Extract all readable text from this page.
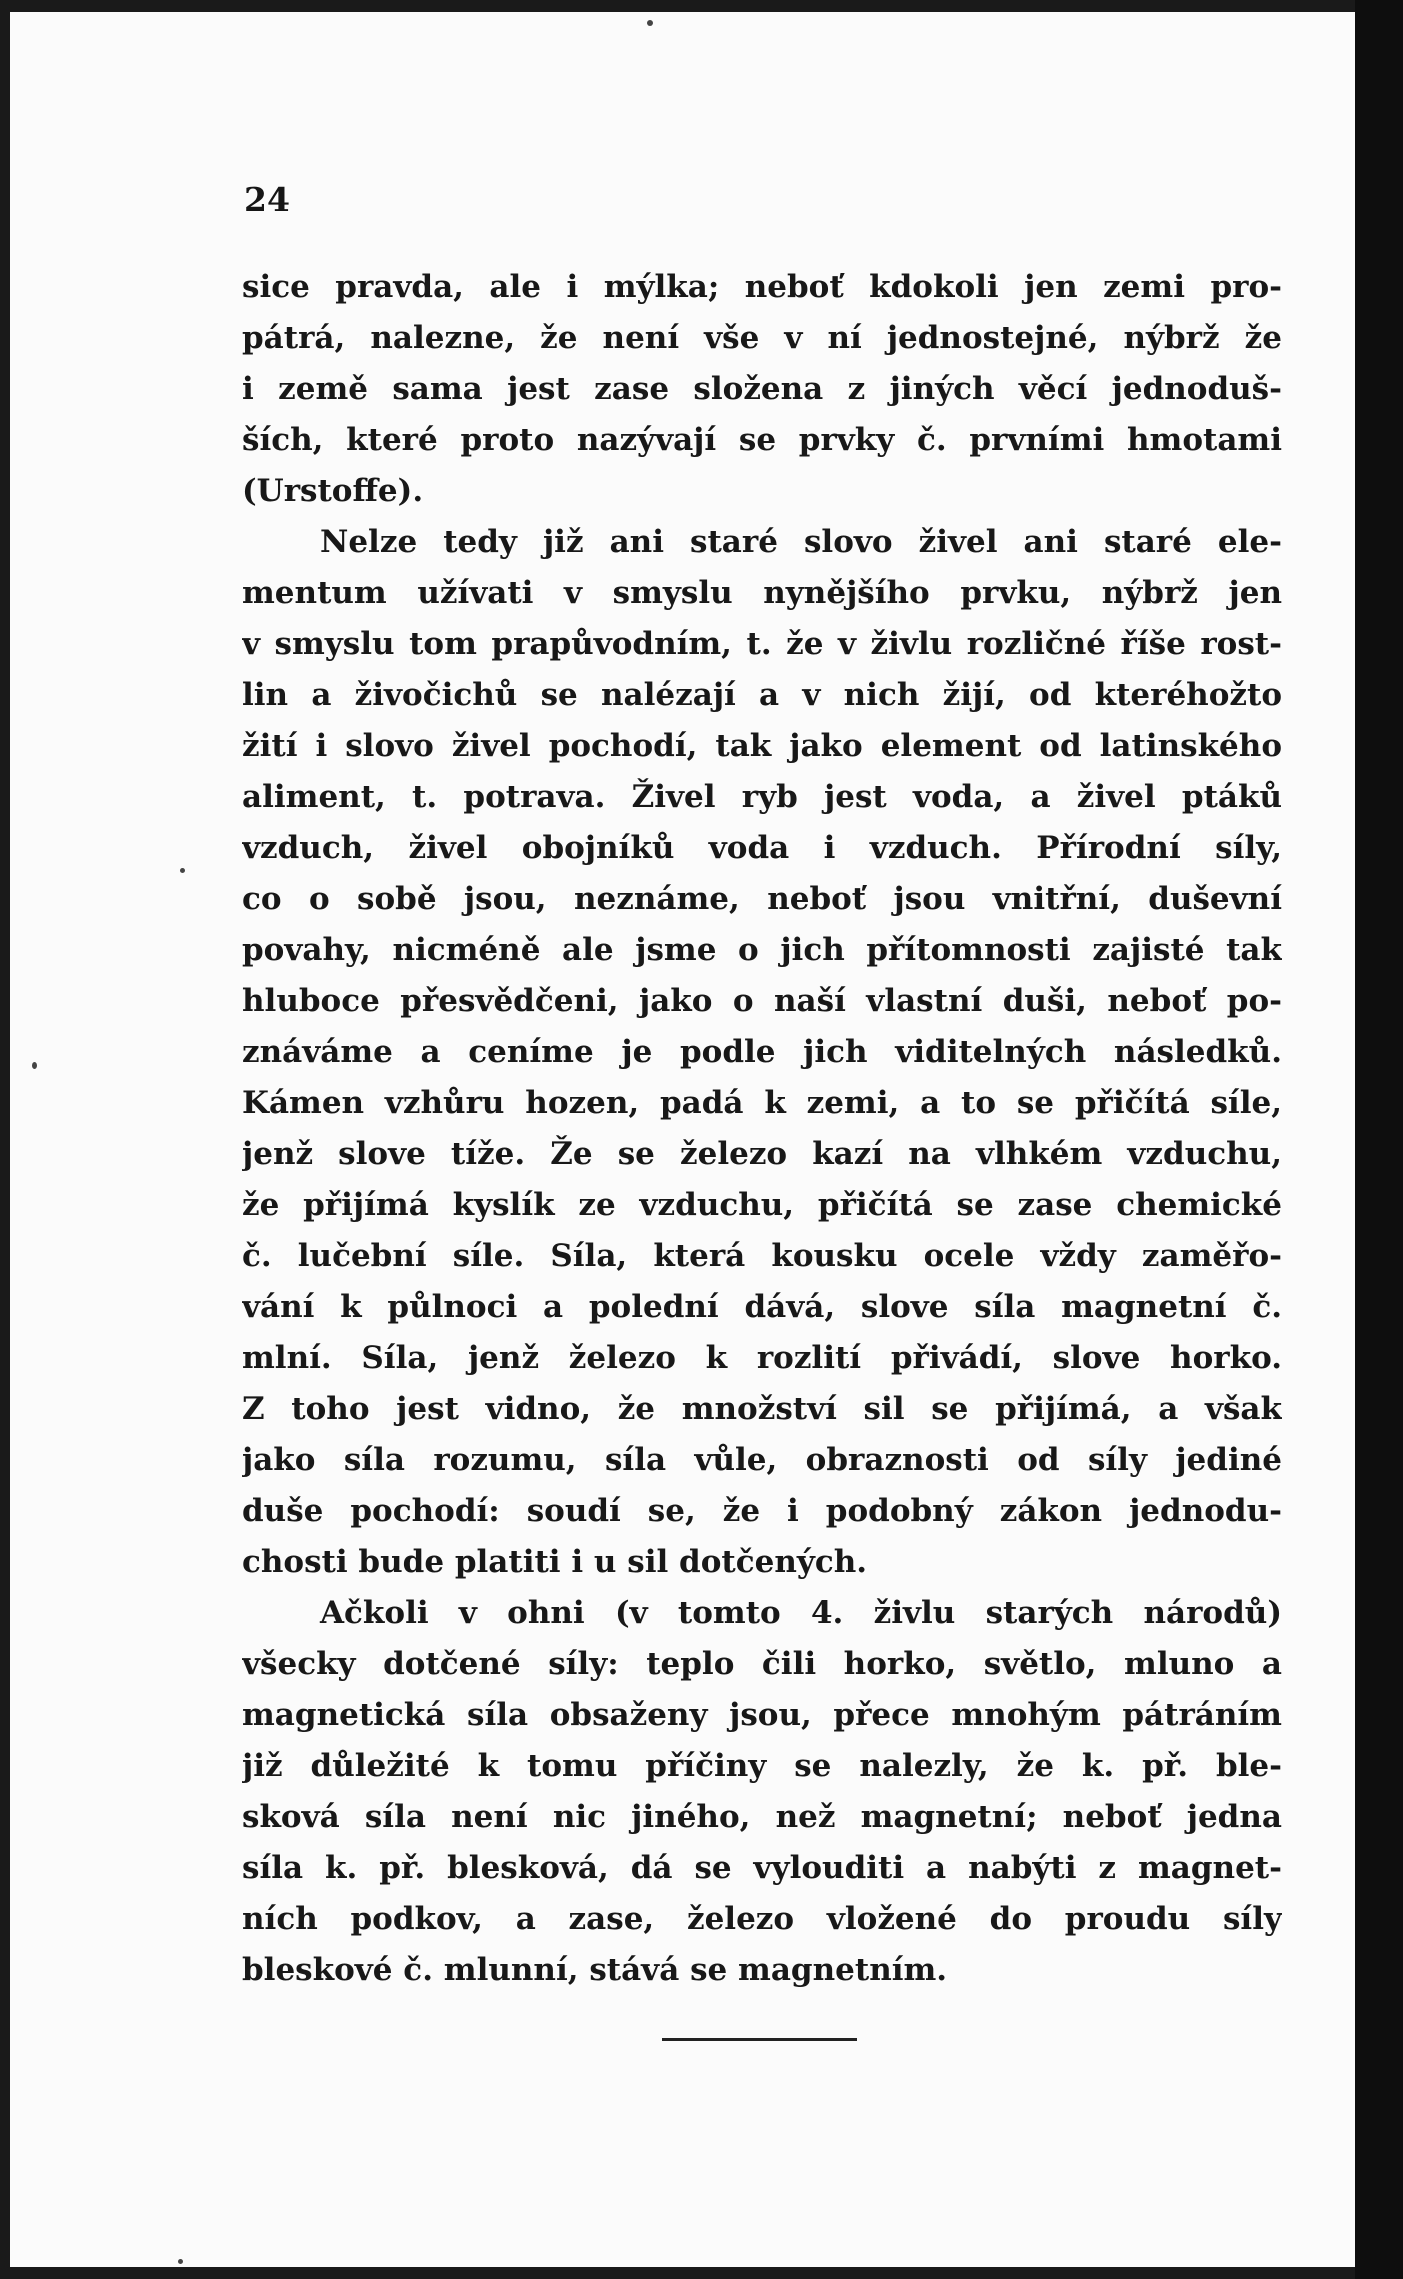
24

sice pravda, ale i mýlka; neboť kdokoli jen zemi pro-
pátrá, nalezne, že není vše v ní jednostejné, nýbrž že
i země sama jest zase složena z jiných věcí jednoduš-
ších, které proto nazývají se prvky č. prvními hmotami
(Urstoffe).
Nelze tedy již ani staré slovo živel ani staré ele-
mentum užívati v smyslu nynějšího prvku, nýbrž jen
v smyslu tom prapůvodním, t. že v živlu rozličné říše rost-
lin a živočichů se nalézají a v nich žijí, od kteréhožto
žití i slovo živel pochodí, tak jako element od latinského
aliment, t. potrava. Živel ryb jest voda, a živel ptáků
vzduch, živel obojníků voda i vzduch. Přírodní síly,
co o sobě jsou, neznáme, neboť jsou vnitřní, duševní
povahy, nicméně ale jsme o jich přítomnosti zajisté tak
hluboce přesvědčeni, jako o naší vlastní duši, neboť po-
znáváme a ceníme je podle jich viditelných následků.
Kámen vzhůru hozen, padá k zemi, a to se přičítá síle,
jenž slove tíže. Že se železo kazí na vlhkém vzduchu,
že přijímá kyslík ze vzduchu, přičítá se zase chemické
č. lučební síle. Síla, která kousku ocele vždy zaměřo-
vání k půlnoci a polední dává, slove síla magnetní č.
mlní. Síla, jenž železo k rozlití přivádí, slove horko.
Z toho jest vidno, že množství sil se přijímá, a však
jako síla rozumu, síla vůle, obraznosti od síly jediné
duše pochodí: soudí se, že i podobný zákon jednodu-
chosti bude platiti i u sil dotčených.
Ačkoli v ohni (v tomto 4. živlu starých národů)
všecky dotčené síly: teplo čili horko, světlo, mluno a
magnetická síla obsaženy jsou, přece mnohým pátráním
již důležité k tomu příčiny se nalezly, že k. př. ble-
sková síla není nic jiného, než magnetní; neboť jedna
síla k. př. blesková, dá se vylouditi a nabýti z magnet-
ních podkov, a zase, železo vložené do proudu síly
bleskové č. mlunní, stává se magnetním.
